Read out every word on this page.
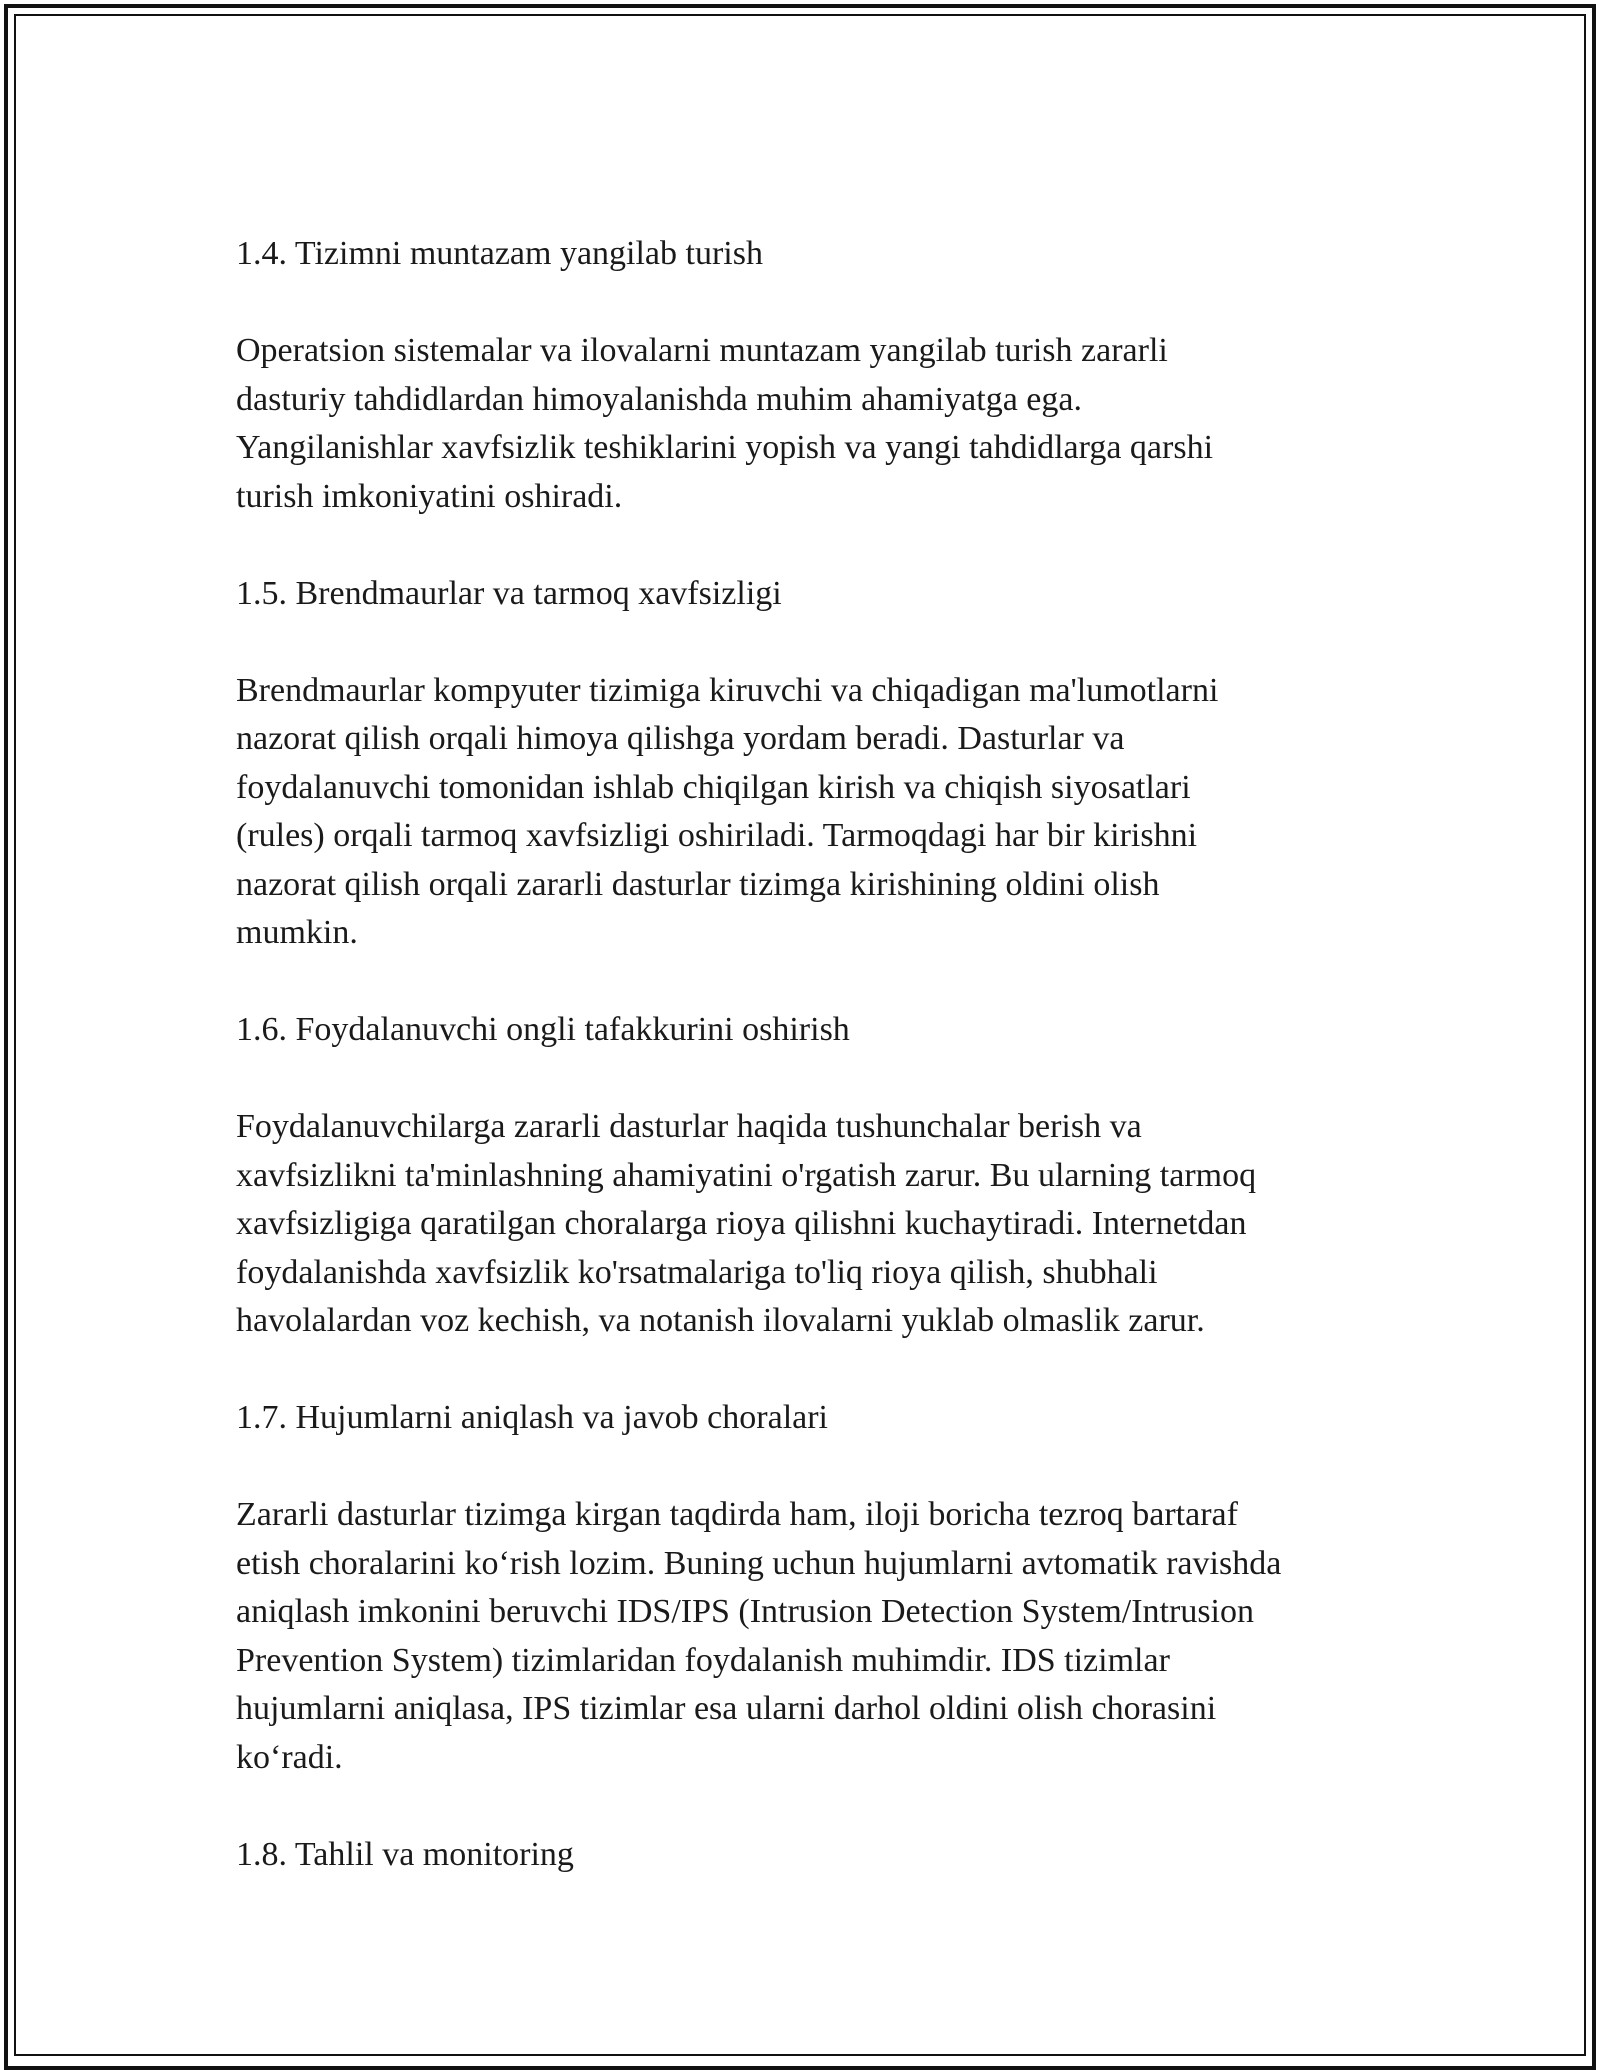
1.4. Tizimni muntazam yangilab turish
Operatsion sistemalar va ilovalarni muntazam yangilab turish zararli
dasturiy tahdidlardan himoyalanishda muhim ahamiyatga ega.
Yangilanishlar xavfsizlik teshiklarini yopish va yangi tahdidlarga qarshi
turish imkoniyatini oshiradi.
1.5. Brendmaurlar va tarmoq xavfsizligi
Brendmaurlar kompyuter tizimiga kiruvchi va chiqadigan ma'lumotlarni
nazorat qilish orqali himoya qilishga yordam beradi. Dasturlar va
foydalanuvchi tomonidan ishlab chiqilgan kirish va chiqish siyosatlari
(rules) orqali tarmoq xavfsizligi oshiriladi. Tarmoqdagi har bir kirishni
nazorat qilish orqali zararli dasturlar tizimga kirishining oldini olish
mumkin.
1.6. Foydalanuvchi ongli tafakkurini oshirish
Foydalanuvchilarga zararli dasturlar haqida tushunchalar berish va
xavfsizlikni ta'minlashning ahamiyatini o'rgatish zarur. Bu ularning tarmoq
xavfsizligiga qaratilgan choralarga rioya qilishni kuchaytiradi. Internetdan
foydalanishda xavfsizlik ko'rsatmalariga to'liq rioya qilish, shubhali
havolalardan voz kechish, va notanish ilovalarni yuklab olmaslik zarur.
1.7. Hujumlarni aniqlash va javob choralari
Zararli dasturlar tizimga kirgan taqdirda ham, iloji boricha tezroq bartaraf
etish choralarini ko‘rish lozim. Buning uchun hujumlarni avtomatik ravishda
aniqlash imkonini beruvchi IDS/IPS (Intrusion Detection System/Intrusion
Prevention System) tizimlaridan foydalanish muhimdir. IDS tizimlar
hujumlarni aniqlasa, IPS tizimlar esa ularni darhol oldini olish chorasini
ko‘radi.
1.8. Tahlil va monitoring
